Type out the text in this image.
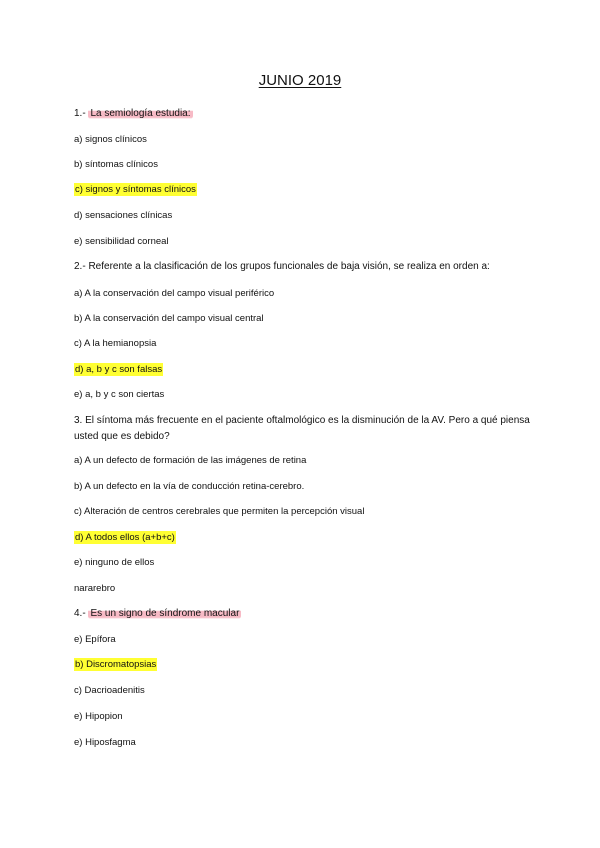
JUNIO 2019
1.- La semiología estudia:
a) signos clínicos
b) síntomas clínicos
c) signos y síntomas clínicos
d) sensaciones clínicas
e) sensibilidad corneal
2.- Referente a la clasificación de los grupos funcionales de baja visión, se realiza en orden a:
a) A la conservación del campo visual periférico
b) A la conservación del campo visual central
c) A la hemianopsia
d) a, b y c son falsas
e) a, b y c son ciertas
3. El síntoma más frecuente en el paciente oftalmológico es la disminución de la AV. Pero a qué piensa usted que es debido?
a) A un defecto de formación de las imágenes de retina
b) A un defecto en la vía de conducción retina-cerebro.
c) Alteración de centros cerebrales que permiten la percepción visual
d) A todos ellos (a+b+c)
e) ninguno de ellos
nararebro
4.- Es un signo de síndrome macular
e) Epífora
b) Discromatopsias
c) Dacrioadenitis
e) Hipopion
e) Hiposfagma
